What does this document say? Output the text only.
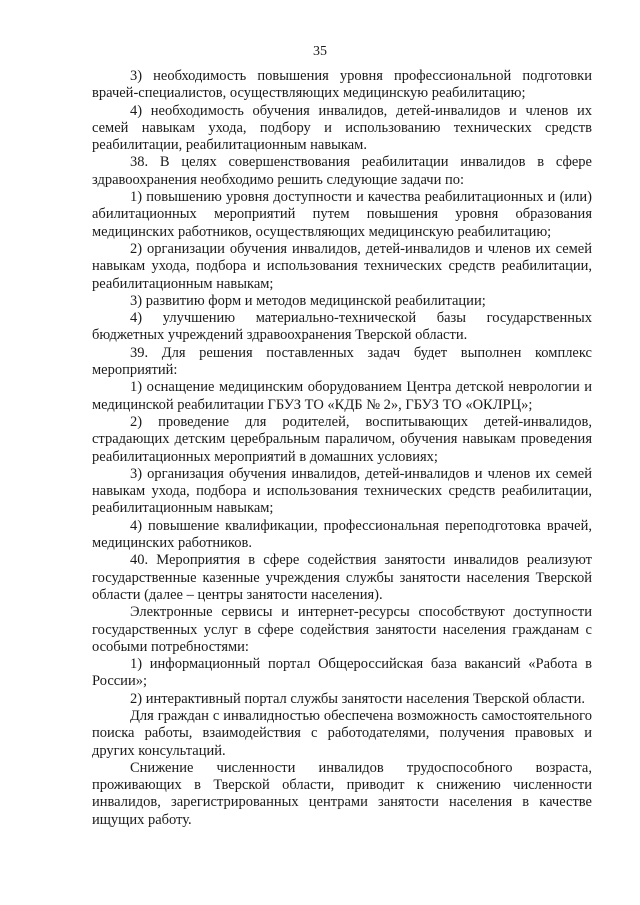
35

3) необходимость повышения уровня профессиональной подготовки врачей-специалистов, осуществляющих медицинскую реабилитацию;

4) необходимость обучения инвалидов, детей-инвалидов и членов их семей навыкам ухода, подбору и использованию технических средств реабилитации, реабилитационным навыкам.

38. В целях совершенствования реабилитации инвалидов в сфере здравоохранения необходимо решить следующие задачи по:

1) повышению уровня доступности и качества реабилитационных и (или) абилитационных мероприятий путем повышения уровня образования медицинских работников, осуществляющих медицинскую реабилитацию;

2) организации обучения инвалидов, детей-инвалидов и членов их семей навыкам ухода, подбора и использования технических средств реабилитации, реабилитационным навыкам;

3) развитию форм и методов медицинской реабилитации;

4) улучшению материально-технической базы государственных бюджетных учреждений здравоохранения Тверской области.

39. Для решения поставленных задач будет выполнен комплекс мероприятий:

1) оснащение медицинским оборудованием Центра детской неврологии и медицинской реабилитации ГБУЗ ТО «КДБ № 2», ГБУЗ ТО «ОКЛРЦ»;

2) проведение для родителей, воспитывающих детей-инвалидов, страдающих детским церебральным параличом, обучения навыкам проведения реабилитационных мероприятий в домашних условиях;

3) организация обучения инвалидов, детей-инвалидов и членов их семей навыкам ухода, подбора и использования технических средств реабилитации, реабилитационным навыкам;

4) повышение квалификации, профессиональная переподготовка врачей, медицинских работников.

40. Мероприятия в сфере содействия занятости инвалидов реализуют государственные казенные учреждения службы занятости населения Тверской области (далее – центры занятости населения).

Электронные сервисы и интернет-ресурсы способствуют доступности государственных услуг в сфере содействия занятости населения гражданам с особыми потребностями:

1) информационный портал Общероссийская база вакансий «Работа в России»;

2) интерактивный портал службы занятости населения Тверской области.

Для граждан с инвалидностью обеспечена возможность самостоятельного поиска работы, взаимодействия с работодателями, получения правовых и других консультаций.

Снижение численности инвалидов трудоспособного возраста, проживающих в Тверской области, приводит к снижению численности инвалидов, зарегистрированных центрами занятости населения в качестве ищущих работу.
